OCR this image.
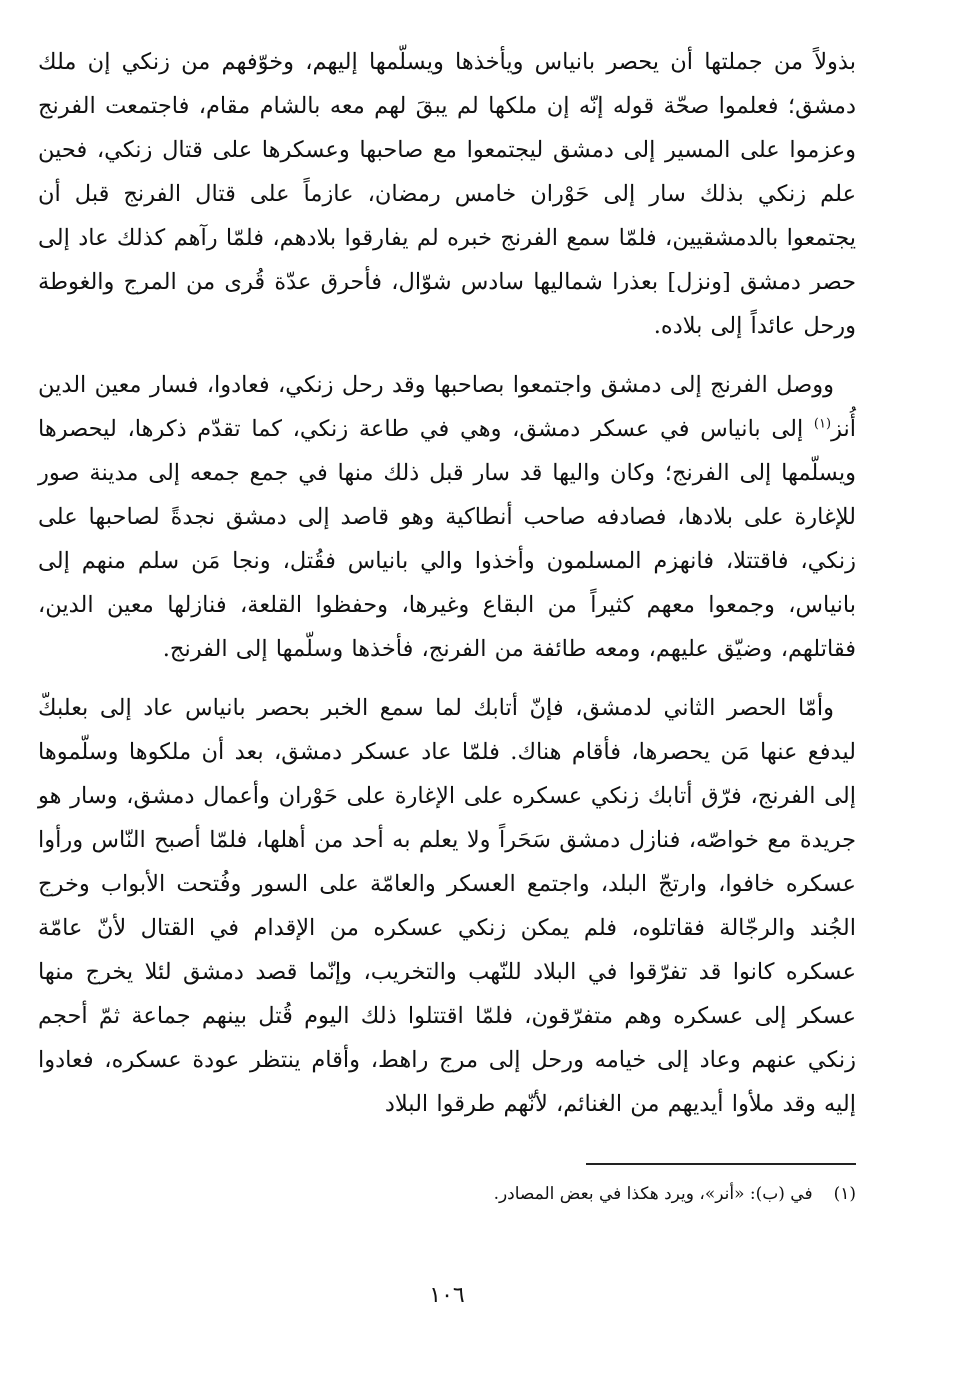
بذولاً من جملتها أن يحصر بانياس ويأخذها ويسلّمها إليهم، وخوّفهم من زنكي إن ملك دمشق؛ فعلموا صحّة قوله إنّه إن ملكها لم يبقَ لهم معه بالشام مقام، فاجتمعت الفرنج وعزموا على المسير إلى دمشق ليجتمعوا مع صاحبها وعسكرها على قتال زنكي، فحين علم زنكي بذلك سار إلى حَوْران خامس رمضان، عازماً على قتال الفرنج قبل أن يجتمعوا بالدمشقيين، فلمّا سمع الفرنج خبره لم يفارقوا بلادهم، فلمّا رآهم كذلك عاد إلى حصر دمشق [ونزل] بعذرا شماليها سادس شوّال، فأحرق عدّة قُرى من المرج والغوطة ورحل عائداً إلى بلاده.

ووصل الفرنج إلى دمشق واجتمعوا بصاحبها وقد رحل زنكي، فعادوا، فسار معين الدين أُنز$^{(١)}$ إلى بانياس في عسكر دمشق، وهي في طاعة زنكي، كما تقدّم ذكرها، ليحصرها ويسلّمها إلى الفرنج؛ وكان واليها قد سار قبل ذلك منها في جمع جمعه إلى مدينة صور للإغارة على بلادها، فصادفه صاحب أنطاكية وهو قاصد إلى دمشق نجدةً لصاحبها على زنكي، فاقتتلا، فانهزم المسلمون وأخذوا والي بانياس فقُتل، ونجا مَن سلم منهم إلى بانياس، وجمعوا معهم كثيراً من البقاع وغيرها، وحفظوا القلعة، فنازلها معين الدين، فقاتلهم، وضيّق عليهم، ومعه طائفة من الفرنج، فأخذها وسلّمها إلى الفرنج.

وأمّا الحصر الثاني لدمشق، فإنّ أتابك لما سمع الخبر بحصر بانياس عاد إلى بعلبكّ ليدفع عنها مَن يحصرها، فأقام هناك. فلمّا عاد عسكر دمشق، بعد أن ملكوها وسلّموها إلى الفرنج، فرّق أتابك زنكي عسكره على الإغارة على حَوْران وأعمال دمشق، وسار هو جريدة مع خواصّه، فنازل دمشق سَحَراً ولا يعلم به أحد من أهلها، فلمّا أصبح النّاس ورأوا عسكره خافوا، وارتجّ البلد، واجتمع العسكر والعامّة على السور وفُتحت الأبواب وخرج الجُند والرجّالة فقاتلوه، فلم يمكن زنكي عسكره من الإقدام في القتال لأنّ عامّة عسكره كانوا قد تفرّقوا في البلاد للنّهب والتخريب، وإنّما قصد دمشق لئلا يخرج منها عسكر إلى عسكره وهم متفرّقون، فلمّا اقتتلوا ذلك اليوم قُتل بينهم جماعة ثمّ أحجم زنكي عنهم وعاد إلى خيامه ورحل إلى مرج راهط، وأقام ينتظر عودة عسكره، فعادوا إليه وقد ملأوا أيديهم من الغنائم، لأنّهم طرقوا البلاد

(١) في (ب): «أنر»، ويرد هكذا في بعض المصادر.
١٠٦
